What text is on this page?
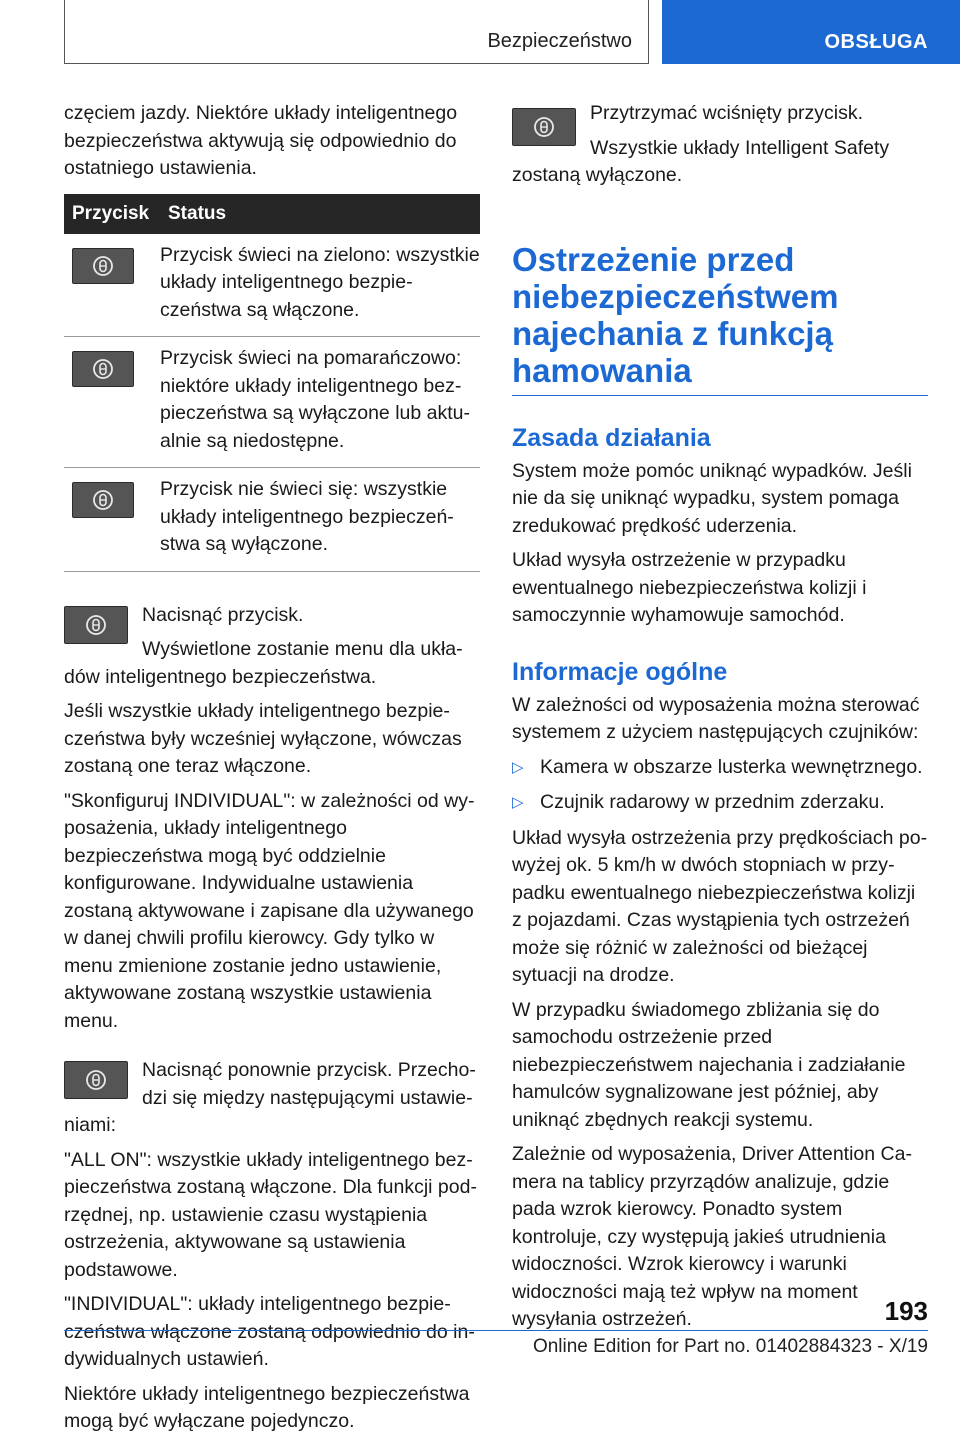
Bezpieczeństwo	OBSŁUGA

częciem jazdy. Niektóre układy inteligentnego bezpieczeństwa aktywują się odpowiednio do ostatniego ustawienia.

Przycisk	Status

	Przycisk świeci na zielono: wszystkie układy inteligentnego bezpieczeństwa są włączone.

	Przycisk świeci na pomarańczowo: niektóre układy inteligentnego bezpieczeństwa są wyłączone lub aktualnie są niedostępne.

	Przycisk nie świeci się: wszystkie układy inteligentnego bezpieczeństwa są wyłączone.

Nacisnąć przycisk.

Wyświetlone zostanie menu dla układów inteligentnego bezpieczeństwa.

Jeśli wszystkie układy inteligentnego bezpieczeństwa były wcześniej wyłączone, wówczas zostaną one teraz włączone.

"Skonfiguruj INDIVIDUAL": w zależności od wyposażenia, układy inteligentnego bezpieczeństwa mogą być oddzielnie konfigurowane. Indywidualne ustawienia zostaną aktywowane i zapisane dla używanego w danej chwili profilu kierowcy. Gdy tylko w menu zmienione zostanie jedno ustawienie, aktywowane zostaną wszystkie ustawienia menu.

Nacisnąć ponownie przycisk. Przechodzi się między następującymi ustawieniami:

"ALL ON": wszystkie układy inteligentnego bezpieczeństwa zostaną włączone. Dla funkcji podrzędnej, np. ustawienie czasu wystąpienia ostrzeżenia, aktywowane są ustawienia podstawowe.

"INDIVIDUAL": układy inteligentnego bezpieczeństwa włączone zostaną odpowiednio do indywidualnych ustawień.

Niektóre układy inteligentnego bezpieczeństwa mogą być wyłączane pojedynczo.

Przytrzymać wciśnięty przycisk.

Wszystkie układy Intelligent Safety zostaną wyłączone.

Ostrzeżenie przed niebezpieczeństwem najechania z funkcją hamowania
Zasada działania

System może pomóc uniknąć wypadków. Jeśli nie da się uniknąć wypadku, system pomaga zredukować prędkość uderzenia.

Układ wysyła ostrzeżenie w przypadku ewentualnego niebezpieczeństwa kolizji i samoczynnie wyhamowuje samochód.

Informacje ogólne

W zależności od wyposażenia można sterować systemem z użyciem następujących czujników:

▷ Kamera w obszarze lusterka wewnętrznego.
▷ Czujnik radarowy w przednim zderzaku.

Układ wysyła ostrzeżenia przy prędkościach powyżej ok. 5 km/h w dwóch stopniach w przypadku ewentualnego niebezpieczeństwa kolizji z pojazdami. Czas wystąpienia tych ostrzeżeń może się różnić w zależności od bieżącej sytuacji na drodze.

W przypadku świadomego zbliżania się do samochodu ostrzeżenie przed niebezpieczeństwem najechania i zadziałanie hamulców sygnalizowane jest później, aby uniknąć zbędnych reakcji systemu.

Zależnie od wyposażenia, Driver Attention Camera na tablicy przyrządów analizuje, gdzie pada wzrok kierowcy. Ponadto system kontroluje, czy występują jakieś utrudnienia widoczności. Wzrok kierowcy i warunki widoczności mają też wpływ na moment wysyłania ostrzeżeń.	193
Online Edition for Part no. 01402884323 - X/19
